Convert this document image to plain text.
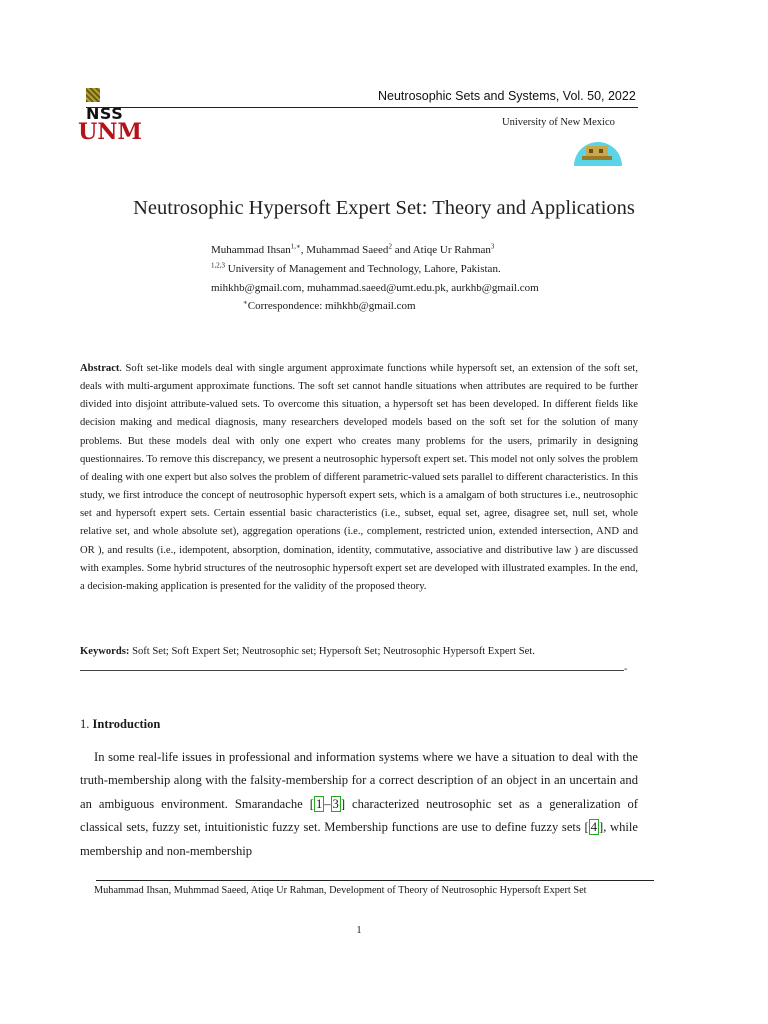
NSS
Neutrosophic Sets and Systems, Vol. 50, 2022
UNM	University of New Mexico
Neutrosophic Hypersoft Expert Set: Theory and Applications
Muhammad Ihsan$^{1,∗}$, Muhammad Saeed$^2$ and Atiqe Ur Rahman$^3$
$^{1,2,3}$ University of Management and Technology, Lahore, Pakistan.
mihkhb@gmail.com, muhammad.saeed@umt.edu.pk, aurkhb@gmail.com
∗Correspondence: mihkhb@gmail.com
Abstract. Soft set-like models deal with single argument approximate functions while hypersoft set, an extension of the soft set, deals with multi-argument approximate functions. The soft set cannot handle situations when attributes are required to be further divided into disjoint attribute-valued sets. To overcome this situation, a hypersoft set has been developed. In different fields like decision making and medical diagnosis, many researchers developed models based on the soft set for the solution of many problems. But these models deal with only one expert who creates many problems for the users, primarily in designing questionnaires. To remove this discrepancy, we present a neutrosophic hypersoft expert set. This model not only solves the problem of dealing with one expert but also solves the problem of different parametric-valued sets parallel to different characteristics. In this study, we first introduce the concept of neutrosophic hypersoft expert sets, which is a amalgam of both structures i.e., neutrosophic set and hypersoft expert sets. Certain essential basic characteristics (i.e., subset, equal set, agree, disagree set, null set, whole relative set, and whole absolute set), aggregation operations (i.e., complement, restricted union, extended intersection, AND and OR ), and results (i.e., idempotent, absorption, domination, identity, commutative, associative and distributive law ) are discussed with examples. Some hybrid structures of the neutrosophic hypersoft expert set are developed with illustrated examples. In the end, a decision-making application is presented for the validity of the proposed theory.
Keywords: Soft Set; Soft Expert Set; Neutrosophic set; Hypersoft Set; Neutrosophic Hypersoft Expert Set.
-
1. Introduction
In some real-life issues in professional and information systems where we have a situation to deal with the truth-membership along with the falsity-membership for a correct description of an object in an uncertain and an ambiguous environment. Smarandache [ 1 – 3 ] characterized neutrosophic set as a generalization of classical sets, fuzzy set, intuitionistic fuzzy set. Membership functions are use to define fuzzy sets [ 4 ], while membership and non-membership
Muhammad Ihsan, Muhmmad Saeed, Atiqe Ur Rahman, Development of Theory of Neutrosophic Hypersoft Expert Set
1
